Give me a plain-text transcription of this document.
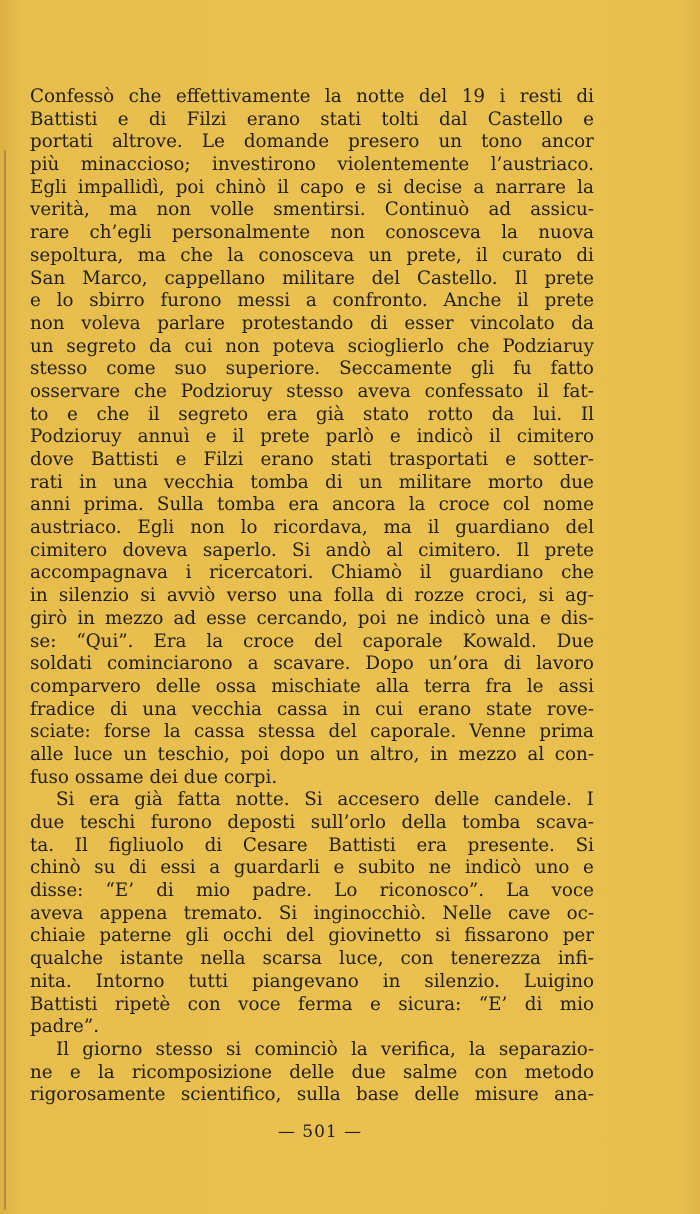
Confessò che effettivamente la notte del 19 i resti di
Battisti e di Filzi erano stati tolti dal Castello e
portati altrove. Le domande presero un tono ancor
più minaccioso; investirono violentemente l’austriaco.
Egli impallidì, poi chinò il capo e si decise a narrare la
verità, ma non volle smentirsi. Continuò ad assicu-
rare ch’egli personalmente non conosceva la nuova
sepoltura, ma che la conosceva un prete, il curato di
San Marco, cappellano militare del Castello. Il prete
e lo sbirro furono messi a confronto. Anche il prete
non voleva parlare protestando di esser vincolato da
un segreto da cui non poteva scioglierlo che Podziaruy
stesso come suo superiore. Seccamente gli fu fatto
osservare che Podzioruy stesso aveva confessato il fat-
to e che il segreto era già stato rotto da lui. Il
Podzioruy annuì e il prete parlò e indicò il cimitero
dove Battisti e Filzi erano stati trasportati e sotter-
rati in una vecchia tomba di un militare morto due
anni prima. Sulla tomba era ancora la croce col nome
austriaco. Egli non lo ricordava, ma il guardiano del
cimitero doveva saperlo. Si andò al cimitero. Il prete
accompagnava i ricercatori. Chiamò il guardiano che
in silenzio si avviò verso una folla di rozze croci, si ag-
girò in mezzo ad esse cercando, poi ne indicò una e dis-
se: “Qui”. Era la croce del caporale Kowald. Due
soldati cominciarono a scavare. Dopo un’ora di lavoro
comparvero delle ossa mischiate alla terra fra le assi
fradice di una vecchia cassa in cui erano state rove-
sciate: forse la cassa stessa del caporale. Venne prima
alle luce un teschio, poi dopo un altro, in mezzo al con-
fuso ossame dei due corpi.
Si era già fatta notte. Si accesero delle candele. I
due teschi furono deposti sull’orlo della tomba scava-
ta. Il figliuolo di Cesare Battisti era presente. Si
chinò su di essi a guardarli e subito ne indicò uno e
disse: “E’ di mio padre. Lo riconosco”. La voce
aveva appena tremato. Si inginocchiò. Nelle cave oc-
chiaie paterne gli occhi del giovinetto si fissarono per
qualche istante nella scarsa luce, con tenerezza infi-
nita. Intorno tutti piangevano in silenzio. Luigino
Battisti ripetè con voce ferma e sicura: “E’ di mio
padre”.
Il giorno stesso si cominciò la verifica, la separazio-
ne e la ricomposizione delle due salme con metodo
rigorosamente scientifico, sulla base delle misure ana-
— 501 —
